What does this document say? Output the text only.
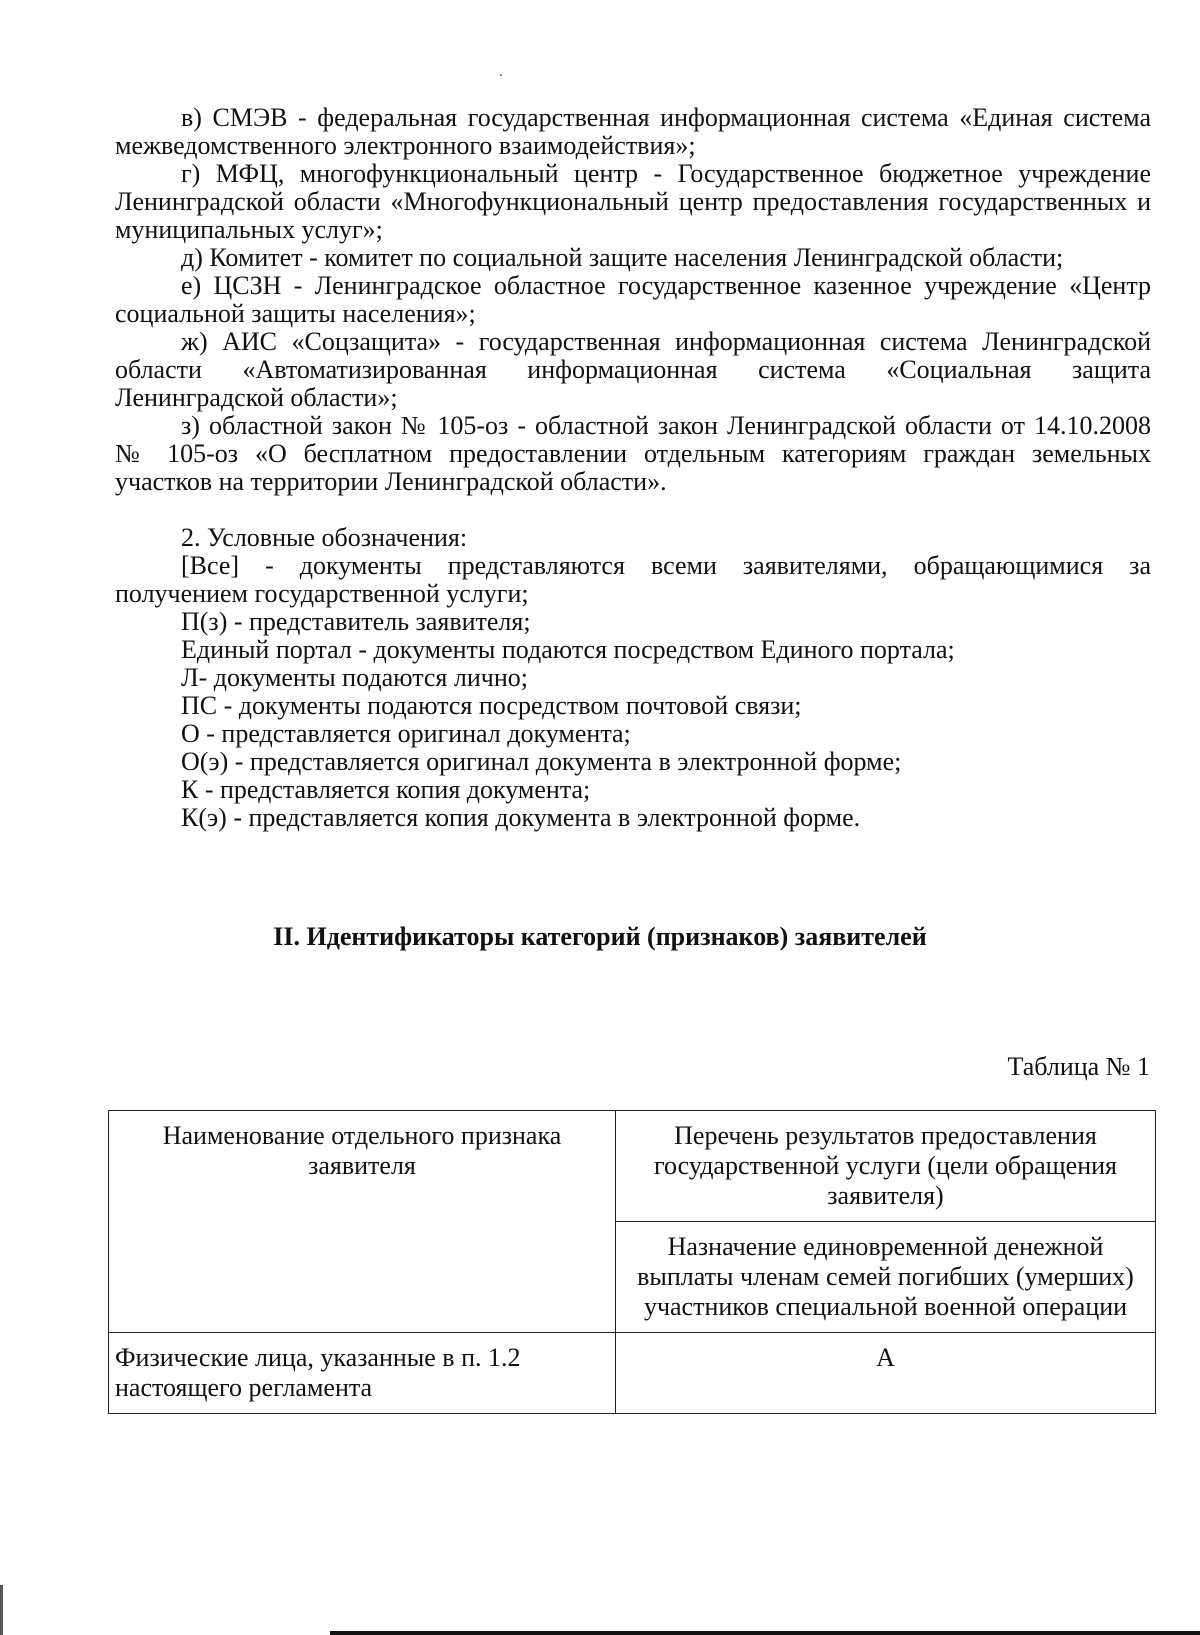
в) СМЭВ - федеральная государственная информационная система «Единая система межведомственного электронного взаимодействия»;

г) МФЦ, многофункциональный центр - Государственное бюджетное учреждение Ленинградской области «Многофункциональный центр предоставления государственных и муниципальных услуг»;

д) Комитет - комитет по социальной защите населения Ленинградской области;

е) ЦСЗН - Ленинградское областное государственное казенное учреждение «Центр социальной защиты населения»;

ж) АИС «Соцзащита» - государственная информационная система Ленинградской области «Автоматизированная информационная система «Социальная защита Ленинградской области»;

з) областной закон № 105-оз - областной закон Ленинградской области от 14.10.2008 № 105-оз «О бесплатном предоставлении отдельным категориям граждан земельных участков на территории Ленинградской области».

2. Условные обозначения:

[Все] - документы представляются всеми заявителями, обращающимися за получением государственной услуги;

П(з) - представитель заявителя;

Единый портал - документы подаются посредством Единого портала;

Л- документы подаются лично;

ПС - документы подаются посредством почтовой связи;

О - представляется оригинал документа;

О(э) - представляется оригинал документа в электронной форме;

К - представляется копия документа;

К(э) - представляется копия документа в электронной форме.

II. Идентификаторы категорий (признаков) заявителей
Таблица № 1
Наименование отдельного признака заявителя	Перечень результатов предоставления государственной услуги (цели обращения заявителя)
	Назначение единовременной денежной выплаты членам семей погибших (умерших) участников специальной военной операции
Физические лица, указанные в п. 1.2 настоящего регламента	А
